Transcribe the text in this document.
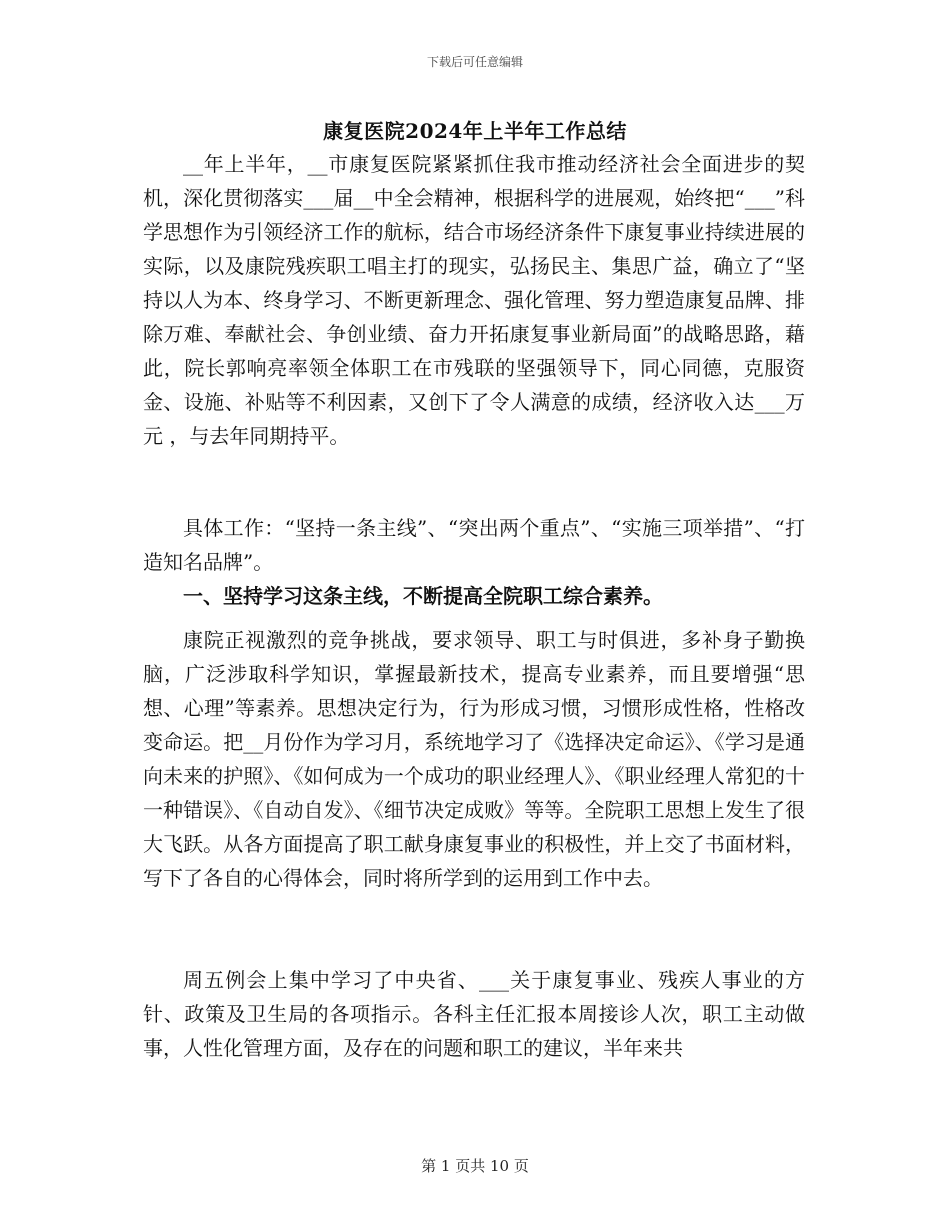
下载后可任意编辑
康复医院2024年上半年工作总结

__年上半年，__市康复医院紧紧抓住我市推动经济社会全面进步的契机，深化贯彻落实___届__中全会精神，根据科学的进展观，始终把“___”科学思想作为引领经济工作的航标，结合市场经济条件下康复事业持续进展的实际，以及康院残疾职工唱主打的现实，弘扬民主、集思广益，确立了“坚持以人为本、终身学习、不断更新理念、强化管理、努力塑造康复品牌、排除万难、奉献社会、争创业绩、奋力开拓康复事业新局面”的战略思路，藉此，院长郭响亮率领全体职工在市残联的坚强领导下，同心同德，克服资金、设施、补贴等不利因素，又创下了令人满意的成绩，经济收入达___万元 ，与去年同期持平。

具体工作：“坚持一条主线”、“突出两个重点”、“实施三项举措”、“打造知名品牌”。

一、坚持学习这条主线，不断提高全院职工综合素养。

康院正视激烈的竞争挑战，要求领导、职工与时俱进，多补身子勤换脑，广泛涉取科学知识，掌握最新技术，提高专业素养，而且要增强“思想、心理”等素养。思想决定行为，行为形成习惯，习惯形成性格，性格改变命运。把__月份作为学习月，系统地学习了《选择决定命运》、《学习是通向未来的护照》、《如何成为一个成功的职业经理人》、《职业经理人常犯的十一种错误》、《自动自发》、《细节决定成败》等等。全院职工思想上发生了很大飞跃。从各方面提高了职工献身康复事业的积极性，并上交了书面材料，写下了各自的心得体会，同时将所学到的运用到工作中去。

周五例会上集中学习了中央省、___关于康复事业、残疾人事业的方针、政策及卫生局的各项指示。各科主任汇报本周接诊人次，职工主动做事，人性化管理方面，及存在的问题和职工的建议，半年来共

第 1 页共 10 页
